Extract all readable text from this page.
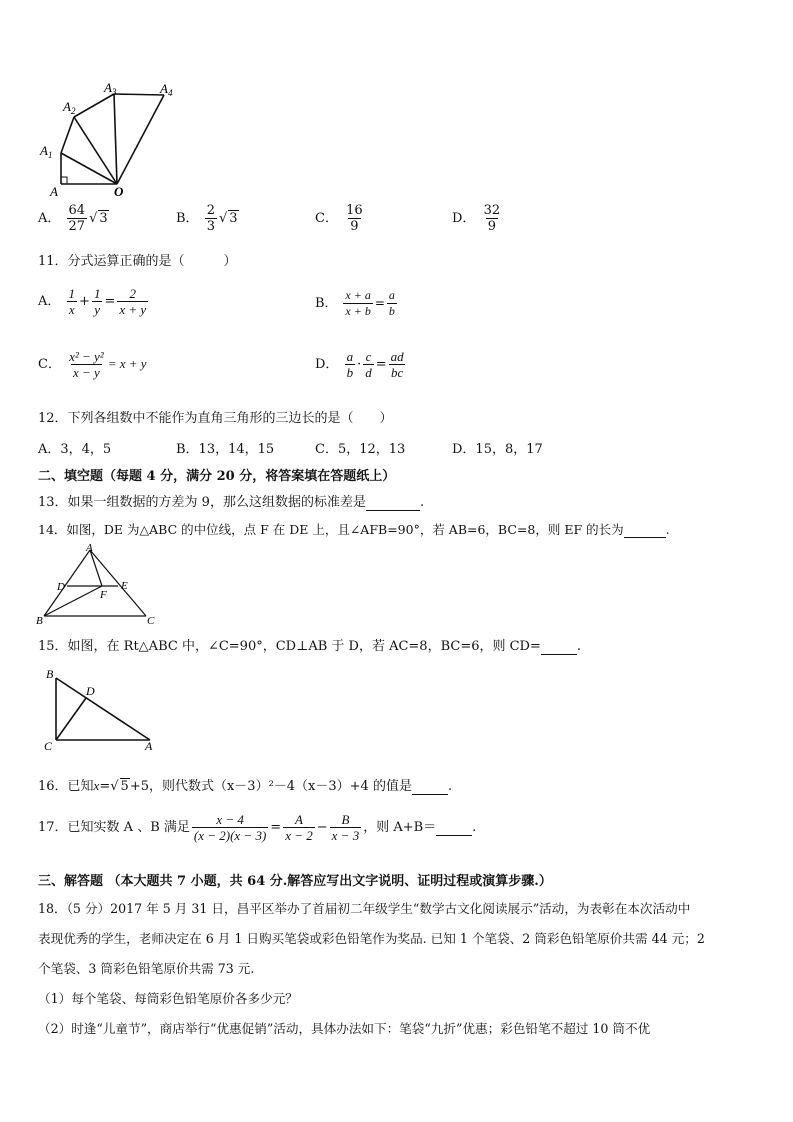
A
$A_1$
$A_2$
$A_3$	$A_4$
O
A． $\frac{64}{27}$ √ 3	B． $\frac{2}{3}$ √ 3	C． $\frac{16}{9}$	D． $\frac{32}{9}$
11．分式运算正确的是（　　　）
A． $\frac{1}{x} + \frac{1}{y} = \frac{2}{x + y}$	B． $\frac{x + a}{x + b} = \frac{a}{b}$
C． $\frac{\text{x² − y²}}{x - y} = x + y$	D． $\frac{a}{b} \cdot \frac{c}{d} = \frac{ad}{bc}$
12．下列各组数中不能作为直角三角形的三边长的是（　　）
A．3，4，5	B．13，14，15	C．5，12，13	D．15，8，17
二、填空题（每题 4 分，满分 20 分，将答案填在答题纸上）
13．如果一组数据的方差为 9，那么这组数据的标准差是	.
14．如图，DE 为△ABC 的中位线，点 F 在 DE 上，且∠AFB=90°，若 AB=6，BC=8，则 EF 的长为	.
A
B	C
D	E
F
15．如图，在 Rt△ABC 中，∠C=90°，CD⊥AB 于 D，若 AC=8，BC=6，则 CD=	.
B
D
C	A
16．已知x=√ 5+5，则代数式（x－3）²－4（x－3）+4 的值是	.
17．已知实数 A 、B 满足 $\frac{x - 4}{(x - 2)(x - 3)} = \frac{A}{x - 2} - \frac{B}{x - 3}$ ，则 A+B＝	.
三、解答题 （本大题共 7 小题，共 64 分.解答应写出文字说明、证明过程或演算步骤.）
18．（5 分）2017 年 5 月 31 日，昌平区举办了首届初二年级学生“数学古文化阅读展示”活动，为表彰在本次活动中
表现优秀的学生，老师决定在 6 月 1 日购买笔袋或彩色铅笔作为奖品. 已知 1 个笔袋、2 筒彩色铅笔原价共需 44 元；2
个笔袋、3 筒彩色铅笔原价共需 73 元.
（1）每个笔袋、每筒彩色铅笔原价各多少元？
（2）时逢“儿童节”，商店举行“优惠促销”活动，具体办法如下：笔袋“九折”优惠；彩色铅笔不超过 10 筒不优
